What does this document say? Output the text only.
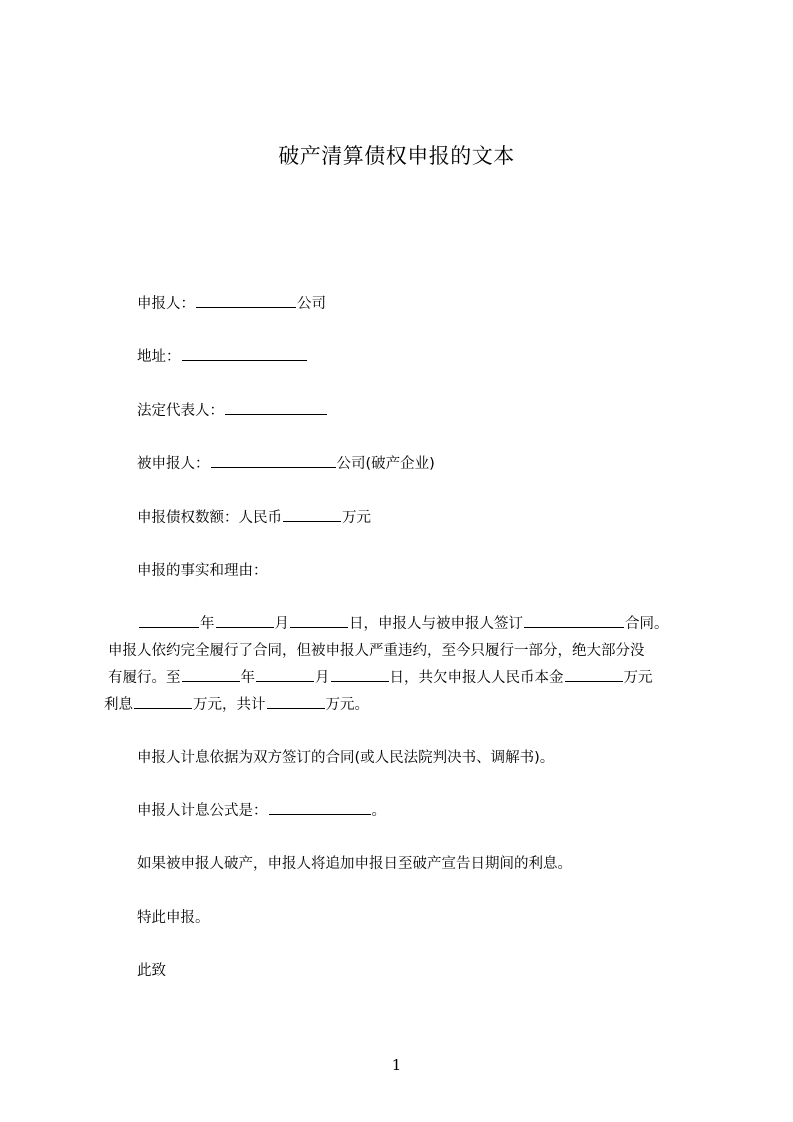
破产清算债权申报的文本
申报人：	公司
地址：
法定代表人：
被申报人：	公司(破产企业)
申报债权数额：人民币	万元
申报的事实和理由：
年	月	日，申报人与被申报人签订	合同。
申报人依约完全履行了合同，但被申报人严重违约，至今只履行一部分，绝大部分没
有履行。至	年	月	日，共欠申报人人民币本金	万元
利息	万元，共计	万元。
申报人计息依据为双方签订的合同(或人民法院判决书、调解书)。
申报人计息公式是：	。
如果被申报人破产，申报人将追加申报日至破产宣告日期间的利息。
特此申报。
此致
1
